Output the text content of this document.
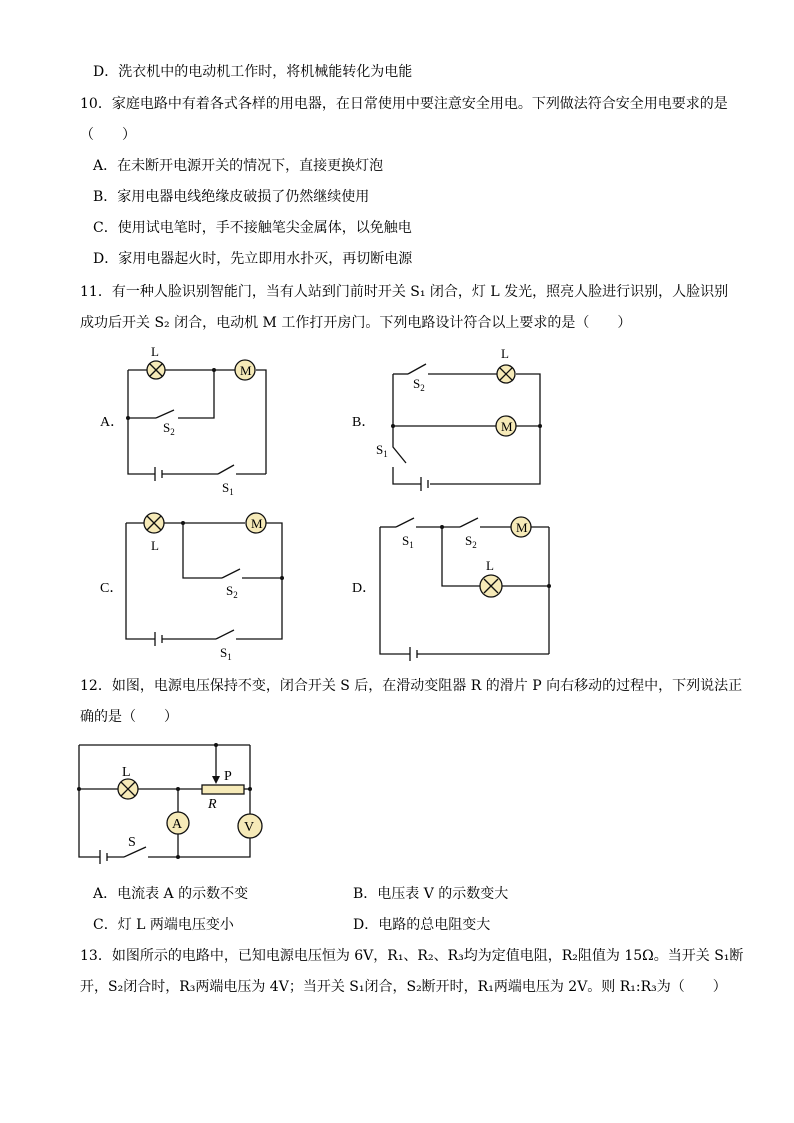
D．洗衣机中的电动机工作时，将机械能转化为电能
10．家庭电路中有着各式各样的用电器，在日常使用中要注意安全用电。下列做法符合安全用电要求的是
（　　）
A．在未断开电源开关的情况下，直接更换灯泡
B．家用电器电线绝缘皮破损了仍然继续使用
C．使用试电笔时，手不接触笔尖金属体，以免触电
D．家用电器起火时，先立即用水扑灭，再切断电源
11．有一种人脸识别智能门，当有人站到门前时开关 S₁ 闭合，灯 L 发光，照亮人脸进行识别，人脸识别
成功后开关 S₂ 闭合，电动机 M 工作打开房门。下列电路设计符合以上要求的是（　　）
L
M
$S_2$
$S_1$
A．
L
M
$S_2$
$S_1$
B．
L
M
$S_2$
$S_1$
C．
M
L
$S_1$	$S_2$
D．
L	P
R
A	V
S
12．如图，电源电压保持不变，闭合开关 S 后，在滑动变阻器 R 的滑片 P 向右移动的过程中，下列说法正
确的是（　　）
A．电流表 A 的示数不变	B．电压表 V 的示数变大
C．灯 L 两端电压变小	D．电路的总电阻变大
13．如图所示的电路中，已知电源电压恒为 6V，R₁、R₂、R₃均为定值电阻，R₂阻值为 15Ω。当开关 S₁断
开，S₂闭合时，R₃两端电压为 4V；当开关 S₁闭合，S₂断开时，R₁两端电压为 2V。则 R₁:R₃为（　　）
